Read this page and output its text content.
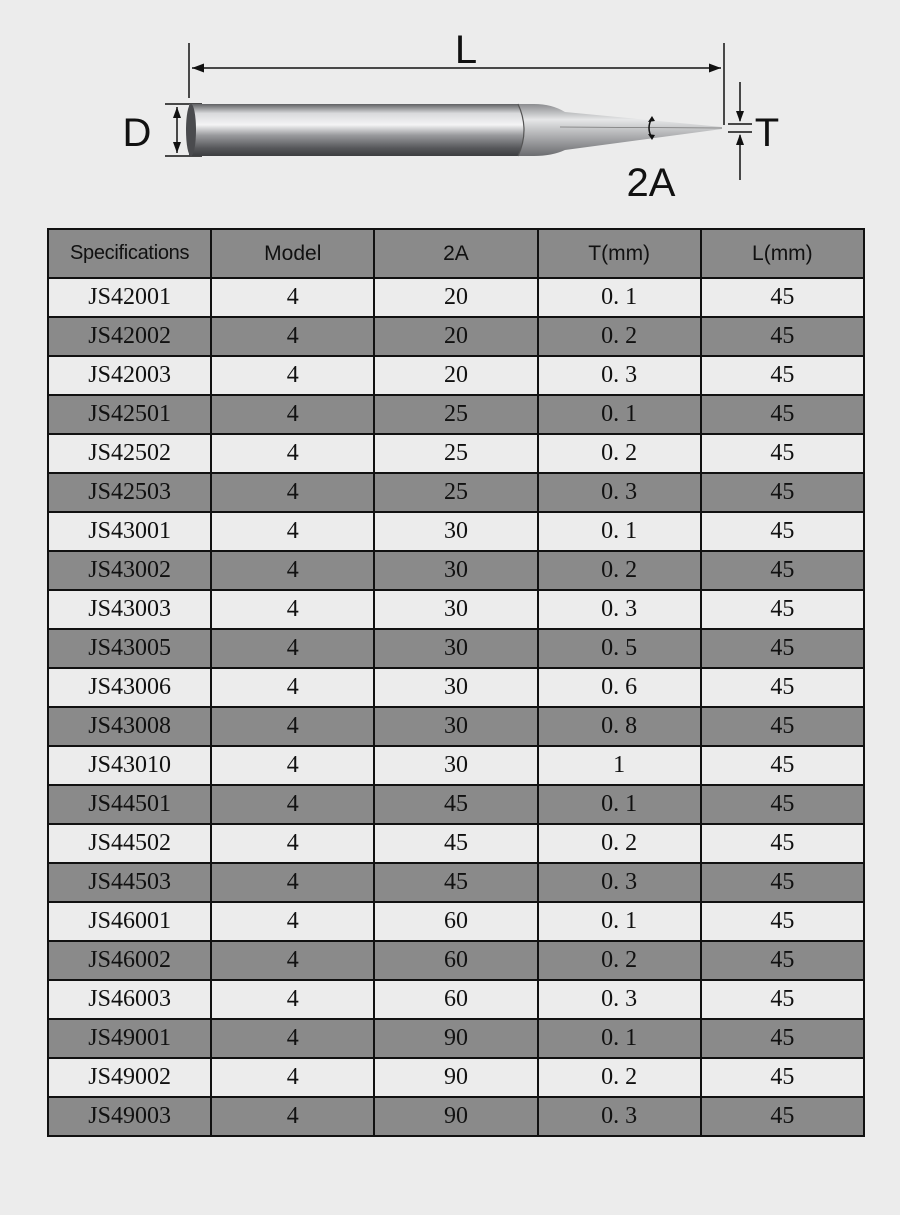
L
D
2A
T
Specifications	Model	2A	T(mm)	L(mm)
JS42001	4	20	0. 1	45
JS42002	4	20	0. 2	45
JS42003	4	20	0. 3	45
JS42501	4	25	0. 1	45
JS42502	4	25	0. 2	45
JS42503	4	25	0. 3	45
JS43001	4	30	0. 1	45
JS43002	4	30	0. 2	45
JS43003	4	30	0. 3	45
JS43005	4	30	0. 5	45
JS43006	4	30	0. 6	45
JS43008	4	30	0. 8	45
JS43010	4	30	1	45
JS44501	4	45	0. 1	45
JS44502	4	45	0. 2	45
JS44503	4	45	0. 3	45
JS46001	4	60	0. 1	45
JS46002	4	60	0. 2	45
JS46003	4	60	0. 3	45
JS49001	4	90	0. 1	45
JS49002	4	90	0. 2	45
JS49003	4	90	0. 3	45
